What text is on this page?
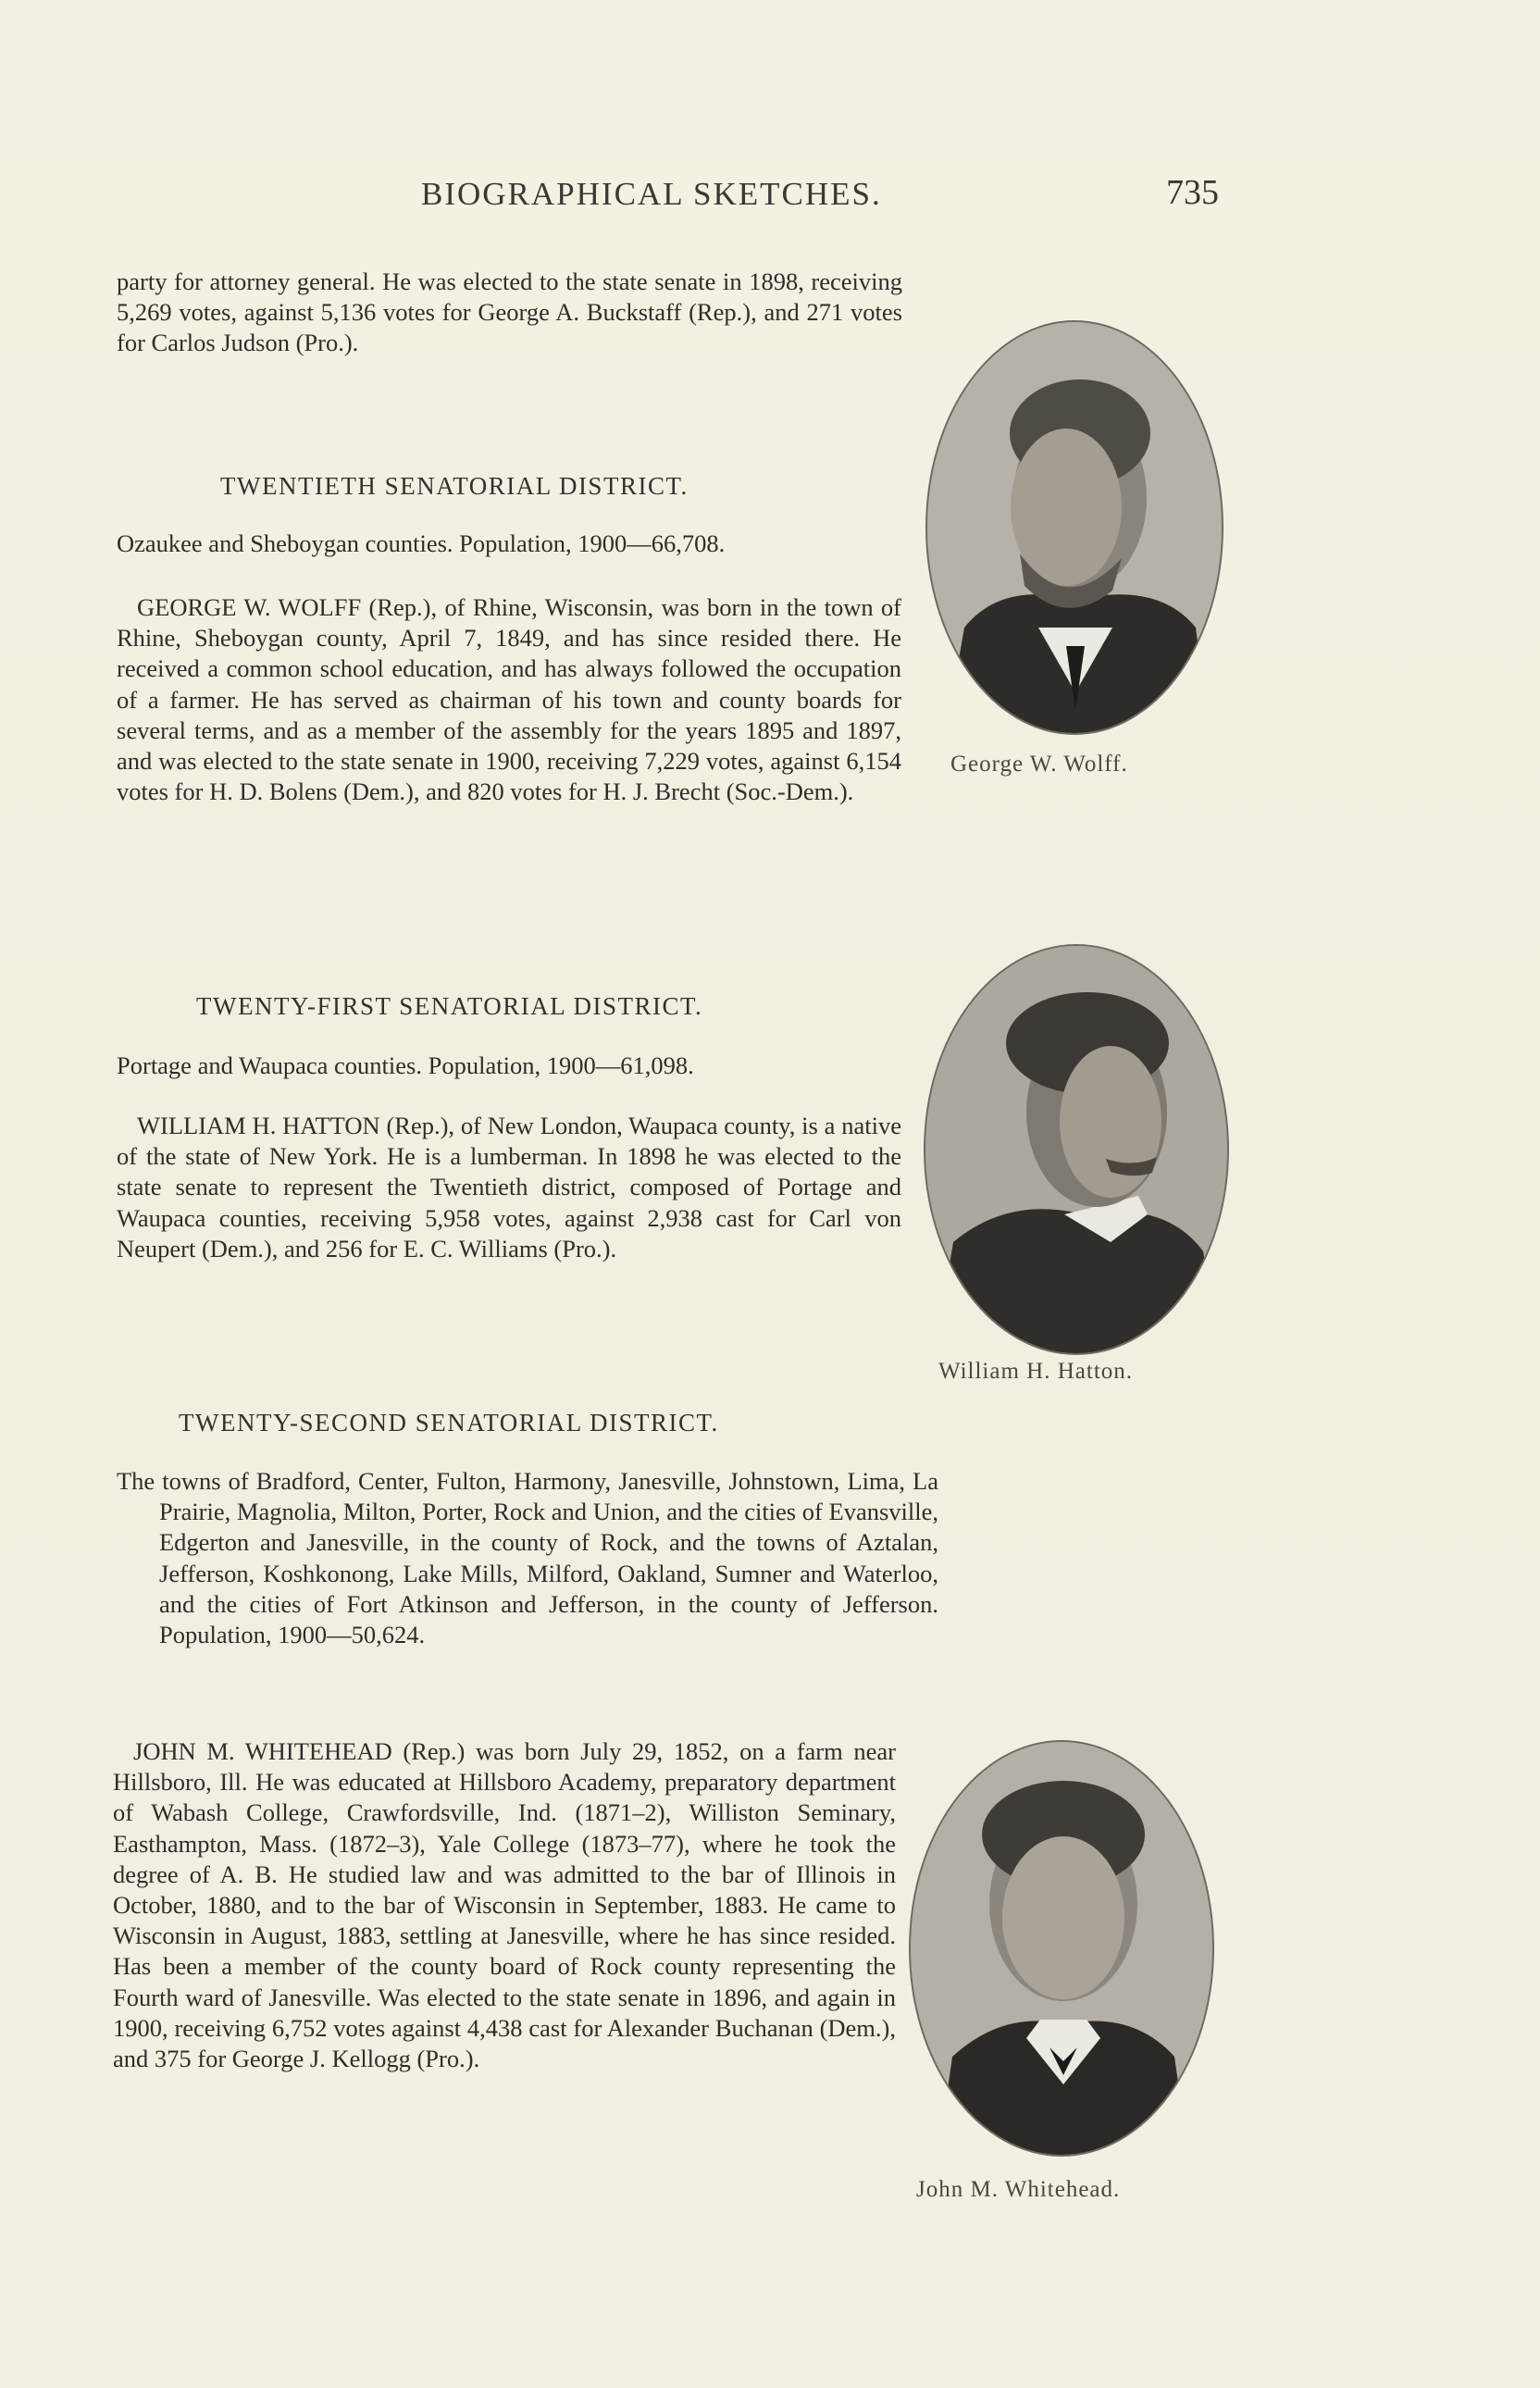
BIOGRAPHICAL SKETCHES.	735
party for attorney general. He was elected to the state senate in 1898, receiving 5,269 votes, against 5,136 votes for George A. Buckstaff (Rep.), and 271 votes for Carlos Judson (Pro.).
TWENTIETH SENATORIAL DISTRICT.
Ozaukee and Sheboygan counties. Population, 1900—66,708.
GEORGE W. WOLFF (Rep.), of Rhine, Wisconsin, was born in the town of Rhine, Sheboygan county, April 7, 1849, and has since resided there. He received a common school education, and has always followed the occupation of a farmer. He has served as chairman of his town and county boards for several terms, and as a member of the assembly for the years 1895 and 1897, and was elected to the state senate in 1900, receiving 7,229 votes, against 6,154 votes for H. D. Bolens (Dem.), and 820 votes for H. J. Brecht (Soc.-Dem.).
George W. Wolff.
TWENTY-FIRST SENATORIAL DISTRICT.
Portage and Waupaca counties. Population, 1900—61,098.
WILLIAM H. HATTON (Rep.), of New London, Waupaca county, is a native of the state of New York. He is a lumberman. In 1898 he was elected to the state senate to represent the Twentieth district, composed of Portage and Waupaca counties, receiving 5,958 votes, against 2,938 cast for Carl von Neupert (Dem.), and 256 for E. C. Williams (Pro.).
William H. Hatton.
TWENTY-SECOND SENATORIAL DISTRICT.
The towns of Bradford, Center, Fulton, Harmony, Janesville, Johnstown, Lima, La Prairie, Magnolia, Milton, Porter, Rock and Union, and the cities of Evansville, Edgerton and Janesville, in the county of Rock, and the towns of Aztalan, Jefferson, Koshkonong, Lake Mills, Milford, Oakland, Sumner and Waterloo, and the cities of Fort Atkinson and Jefferson, in the county of Jefferson. Population, 1900—50,624.
JOHN M. WHITEHEAD (Rep.) was born July 29, 1852, on a farm near Hillsboro, Ill. He was educated at Hillsboro Academy, preparatory department of Wabash College, Crawfordsville, Ind. (1871–2), Williston Seminary, Easthampton, Mass. (1872–3), Yale College (1873–77), where he took the degree of A. B. He studied law and was admitted to the bar of Illinois in October, 1880, and to the bar of Wisconsin in September, 1883. He came to Wisconsin in August, 1883, settling at Janesville, where he has since resided. Has been a member of the county board of Rock county representing the Fourth ward of Janesville. Was elected to the state senate in 1896, and again in 1900, receiving 6,752 votes against 4,438 cast for Alexander Buchanan (Dem.), and 375 for George J. Kellogg (Pro.).
John M. Whitehead.
